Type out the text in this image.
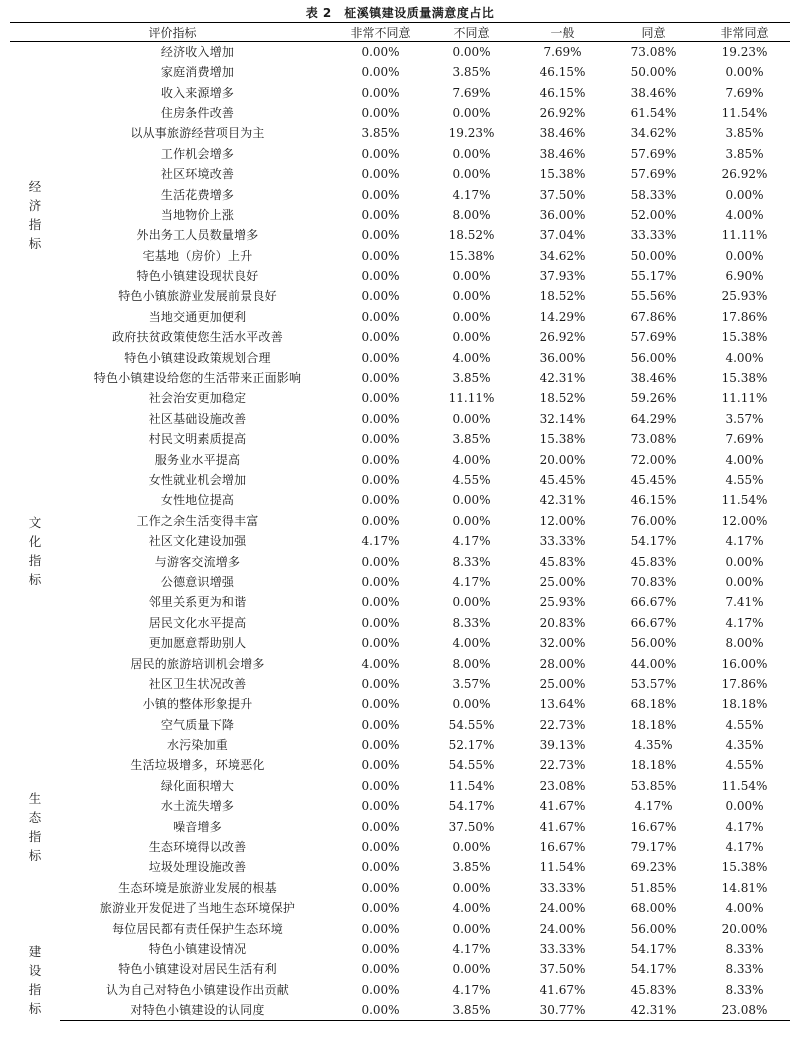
表 2　柾溪镇建设质量满意度占比
评价指标		非常不同意	不同意	一般	同意	非常同意

经济指标	经济收入增加	0.00%	0.00%	7.69%	73.08%	19.23%
	家庭消费增加	0.00%	3.85%	46.15%	50.00%	0.00%
	收入来源增多	0.00%	7.69%	46.15%	38.46%	7.69%
	住房条件改善	0.00%	0.00%	26.92%	61.54%	11.54%
	以从事旅游经营项目为主	3.85%	19.23%	38.46%	34.62%	3.85%
	工作机会增多	0.00%	0.00%	38.46%	57.69%	3.85%
	社区环境改善	0.00%	0.00%	15.38%	57.69%	26.92%
	生活花费增多	0.00%	4.17%	37.50%	58.33%	0.00%
	当地物价上涨	0.00%	8.00%	36.00%	52.00%	4.00%
	外出务工人员数量增多	0.00%	18.52%	37.04%	33.33%	11.11%
	宅基地（房价）上升	0.00%	15.38%	34.62%	50.00%	0.00%
	特色小镇建设现状良好	0.00%	0.00%	37.93%	55.17%	6.90%
	特色小镇旅游业发展前景良好	0.00%	0.00%	18.52%	55.56%	25.93%
	当地交通更加便利	0.00%	0.00%	14.29%	67.86%	17.86%
	政府扶贫政策使您生活水平改善	0.00%	0.00%	26.92%	57.69%	15.38%
	特色小镇建设政策规划合理	0.00%	4.00%	36.00%	56.00%	4.00%
	特色小镇建设给您的生活带来正面影响	0.00%	3.85%	42.31%	38.46%	15.38%

文化指标	社会治安更加稳定	0.00%	11.11%	18.52%	59.26%	11.11%
	社区基础设施改善	0.00%	0.00%	32.14%	64.29%	3.57%
	村民文明素质提高	0.00%	3.85%	15.38%	73.08%	7.69%
	服务业水平提高	0.00%	4.00%	20.00%	72.00%	4.00%
	女性就业机会增加	0.00%	4.55%	45.45%	45.45%	4.55%
	女性地位提高	0.00%	0.00%	42.31%	46.15%	11.54%
	工作之余生活变得丰富	0.00%	0.00%	12.00%	76.00%	12.00%
	社区文化建设加强	4.17%	4.17%	33.33%	54.17%	4.17%
	与游客交流增多	0.00%	8.33%	45.83%	45.83%	0.00%
	公德意识增强	0.00%	4.17%	25.00%	70.83%	0.00%
	邻里关系更为和谐	0.00%	0.00%	25.93%	66.67%	7.41%
	居民文化水平提高	0.00%	8.33%	20.83%	66.67%	4.17%
	更加愿意帮助别人	0.00%	4.00%	32.00%	56.00%	8.00%
	居民的旅游培训机会增多	4.00%	8.00%	28.00%	44.00%	16.00%
	社区卫生状况改善	0.00%	3.57%	25.00%	53.57%	17.86%
	小镇的整体形象提升	0.00%	0.00%	13.64%	68.18%	18.18%

生态指标	空气质量下降	0.00%	54.55%	22.73%	18.18%	4.55%
	水污染加重	0.00%	52.17%	39.13%	4.35%	4.35%
	生活垃圾增多，环境恶化	0.00%	54.55%	22.73%	18.18%	4.55%
	绿化面积增大	0.00%	11.54%	23.08%	53.85%	11.54%
	水土流失增多	0.00%	54.17%	41.67%	4.17%	0.00%
	噪音增多	0.00%	37.50%	41.67%	16.67%	4.17%
	生态环境得以改善	0.00%	0.00%	16.67%	79.17%	4.17%
	垃圾处理设施改善	0.00%	3.85%	11.54%	69.23%	15.38%
	生态环境是旅游业发展的根基	0.00%	0.00%	33.33%	51.85%	14.81%
	旅游业开发促进了当地生态环境保护	0.00%	4.00%	24.00%	68.00%	4.00%
	每位居民都有责任保护生态环境	0.00%	0.00%	24.00%	56.00%	20.00%

建设指标	特色小镇建设情况	0.00%	4.17%	33.33%	54.17%	8.33%
	特色小镇建设对居民生活有利	0.00%	0.00%	37.50%	54.17%	8.33%
	认为自己对特色小镇建设作出贡献	0.00%	4.17%	41.67%	45.83%	8.33%
	对特色小镇建设的认同度	0.00%	3.85%	30.77%	42.31%	23.08%
